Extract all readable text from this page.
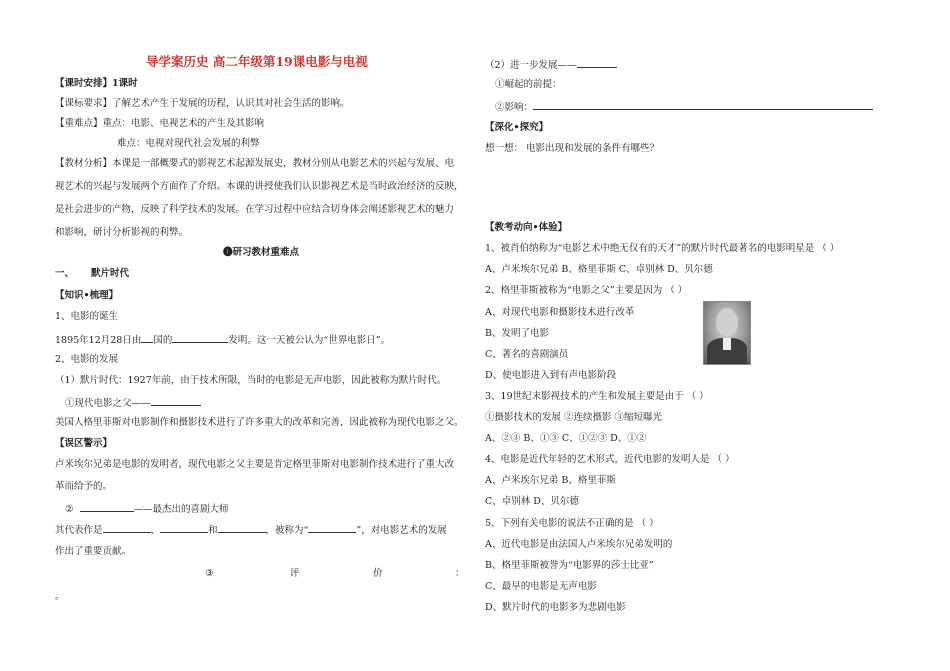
导学案历史 高二年级第19课电影与电视
【课时安排】1课时
【课标要求】了解艺术产生于发展的历程，认识其对社会生活的影响。
【重难点】重点：电影、电视艺术的产生及其影响
难点：电视对现代社会发展的利弊
【教材分析】本课是一部概要式的影视艺术起源发展史，教材分别从电影艺术的兴起与发展、电
视艺术的兴起与发展两个方面作了介绍。本课的讲授使我们认识影视艺术是当时政治经济的反映，
是社会进步的产物，反映了科学技术的发展。在学习过程中应结合切身体会阐述影视艺术的魅力
和影响，研讨分析影视的利弊。
❶研习教材重难点
一、 默片时代
【知识•梳理】
1、电影的诞生
1895年12月28日由 国的	发明。这一天被公认为“世界电影日”。
2、电影的发展
（1）默片时代：1927年前，由于技术所限，当时的电影是无声电影，因此被称为默片时代。
①现代电影之父——
美国人格里菲斯对电影制作和摄影技术进行了许多重大的改革和完善，因此被称为现代电影之父。
【误区警示】
卢米埃尔兄弟是电影的发明者，现代电影之父主要是肯定格里菲斯对电影制作技术进行了重大改
革而给予的。
②	——最杰出的喜剧大师
其代表作是	、	和	，被称为“	”，对电影艺术的发展
作出了重要贡献。
③	评	价	：
。
（2）进一步发展——
①崛起的前提：
②影响：
【深化•探究】
想一想： 电影出现和发展的条件有哪些？
【教考动向•体验】
1、被肖伯纳称为“电影艺术中绝无仅有的天才”的默片时代最著名的电影明星是 （ ）
A、卢米埃尔兄弟 B、格里菲斯 C、卓别林 D、贝尔德
2、格里菲斯被称为“电影之父”主要是因为 （ ）
A、对现代电影和摄影技术进行改革
B、发明了电影
C、著名的喜剧演员
D、使电影进入到有声电影阶段
3、19世纪末影视技术的产生和发展主要是由于 （ ）
①摄影技术的发展 ②连续摄影 ③缩短曝光
A、②③ B、①③ C、①②③ D、①②
4、电影是近代年轻的艺术形式，近代电影的发明人是 （ ）
A、卢米埃尔兄弟 B、格里菲斯
C、卓别林 D、贝尔德
5、下列有关电影的说法不正确的是 （ ）
A、近代电影是由法国人卢米埃尔兄弟发明的
B、格里菲斯被誉为“电影界的莎士比亚”
C、最早的电影是无声电影
D、默片时代的电影多为悲剧电影
